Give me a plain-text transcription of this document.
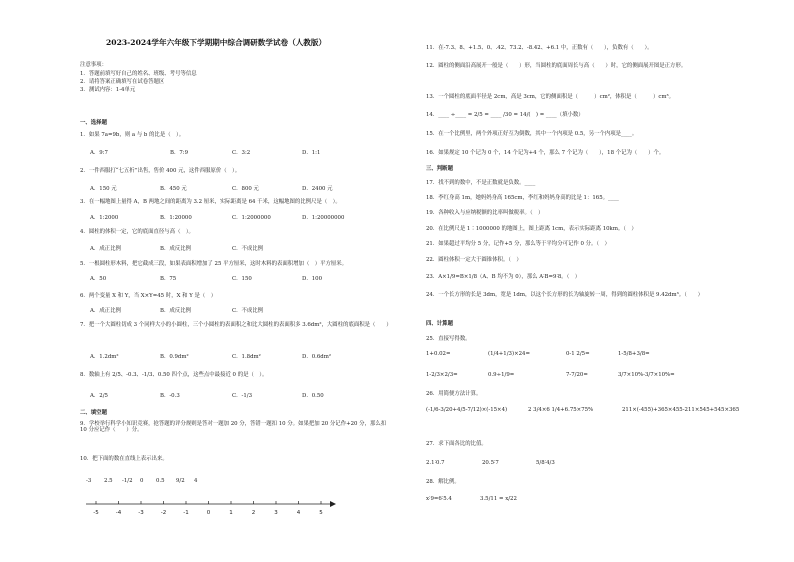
2023-2024学年六年级下学期期中综合调研数学试卷（人教版）
注意事项：
1．答题前填写好自己的姓名、班级、考号等信息
2．请将答案正确填写在试卷答题区
3．测试内容：1-4单元
一、选择题
1．如果 7a=9b，则 a 与 b 的比是（　）。
A．9:7	B．7:9	C．3:2	D．1:1
2．一件西服打“七五折”出售，售价 400 元，这件西服原价（　）。
A．150 元	B．450 元	C．800 元	D．2400 元
3．在一幅地图上量得 A，B 两地之间的距离为 3.2 厘米，实际距离是 64 千米，这幅地图的比例尺是（　）。
A．1:2000	B．1:20000	C．1:2000000	D．1:20000000
4．圆柱的体积一定，它的底面直径与高（　）。
A．成正比例	B．成反比例	C．不成比例
5．一根圆柱形木料，把它截成三段，如果表面积增加了 25 平方厘米，这时木料的表面积增加（　）平方厘米。
A．50	B．75	C．150	D．100
6．两个变量 X 和 Y，当 X×Y=45 时，X 和 Y 是（　）
A．成正比例	B．成反比例	C．不成比例
7．把一个大圆柱切成 3 个同样大小的小圆柱，三个小圆柱的表面积之和比大圆柱的表面积多 3.6dm²，大圆柱的底面积是（　　）
A．1.2dm²	B．0.9dm²	C．1.8dm²	D．0.6dm²
8．数轴上有 2/5、-0.3、-1/3、0.50 四个点，这些点中最接近 0 的是（　）。
A．2/5	B．-0.3	C．-1/3	D．0.50
二、填空题
9．学校举行科学小知识竞赛，抢答题的评分规则是答对一题加 20 分，答错一题扣 10 分。如果把加 20 分记作+20 分，那么扣 10 分应记作（　　）分。
10．把下面的数在直线上表示出来。
-3 2.5 -1/2 0 0.5 9/2 4
-5	-4	-3	-2	-1	0	1	2	3	4	5
11．在-7.3、8、+1.5、0、.42、73.2、-8.42、+6.1 中，正数有（　　），负数有（　　）。
12．圆柱的侧面沿高展开一般是（　　）形，当圆柱的底面周长与高（　　）时，它的侧面展开图是正方形。
13．一个圆柱的底面半径是 2cm，高是 3cm，它的侧面积是（　　　）cm²，体积是（　　　）cm³。
14．____ ÷____ = 2/5 = ____ /30 = 14/(　) = ____（填小数）
15．在一个比例里，两个外项正好互为倒数，其中一个内项是 0.5，另一个内项是____。
16．如果规定 10 个记为 0 个，14 个记为+4 个，那么 7 个记为（　　），18 个记为（　　）个。
三、判断题
17．找不到的数中，不是正数就是负数。____
18．李红身高 1m，她妈妈身高 165cm，李红和妈妈身高的比是 1：165。____
19．各种收入与应纳税额的比率叫做税率。（　）
20．在比例尺是 1∶1000000 的地图上，图上距离 1cm，表示实际距离 10km。（　）
21．如果超过平均分 5 分，记作+5 分，那么等于平均分可记作 0 分。（　）
22．圆柱体积一定大于圆锥体积。（　）
23．A×1/9=B×1/8（A、B 均不为 0），那么 A∶B=9∶8。（　）
24．一个长方形的长是 3dm，宽是 1dm，以这个长方形的长为轴旋转一周，得到的圆柱体积是 9.42dm³。（　　）
四、计算题
25．直接写得数。
1+0.02=	(1/4+1/3)×24=	0-1 2/5=	1-5/8+3/8=
1-2/3×2/3=	0.9÷1/9=	7-7/20=	3/7×10%-3/7×10%=
26．用简便方法计算。
(-1/6-3/20+4/5-7/12)×(-15×4)	2 3/4×6 1/4+6.75×75%	211×(-455)+365×455-211×545+545×365
27．求下面各比的比值。
2.1∶0.7	20.5∶7	5/8∶4/3
28．解比例。
x∶9=6∶5.4	3.5/11 = x/22
